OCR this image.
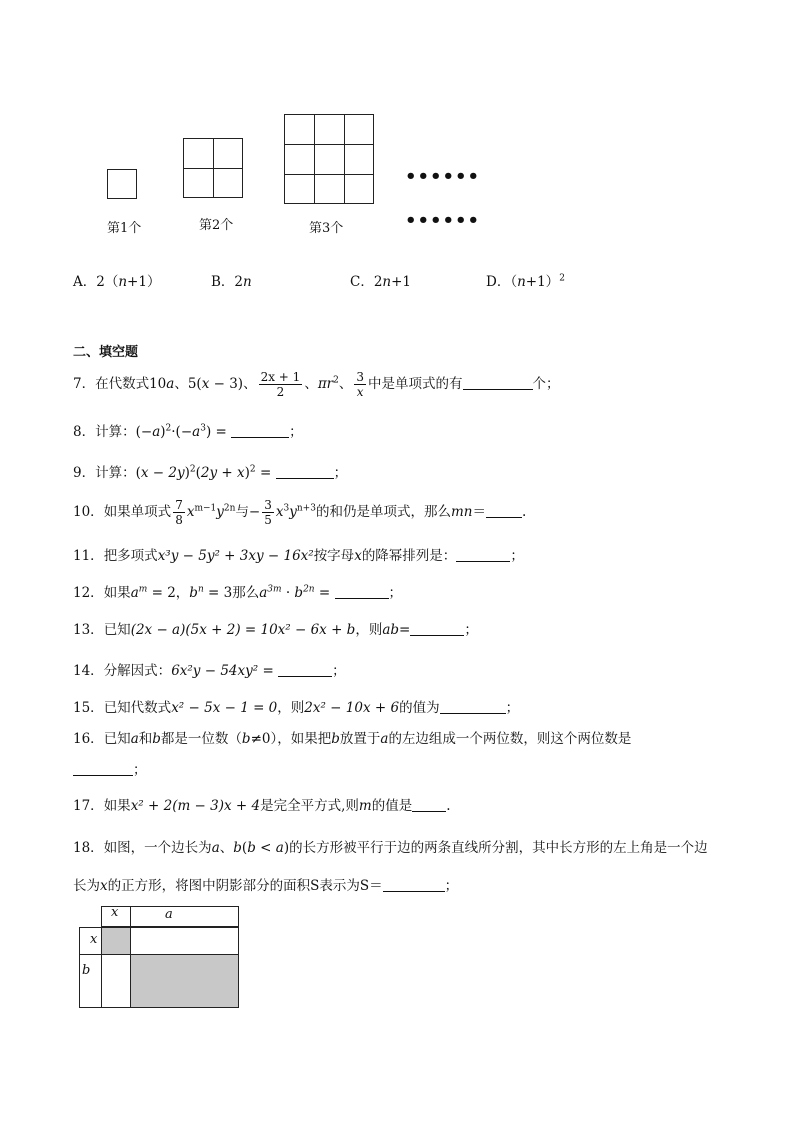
••••••
••••••
第1个	第2个	第3个
A．2（n+1）	B．2n	C．2n+1	D．$(n+1)^2$
二、填空题
7．在代数式10a、5(x − 3)、 $\frac{2x + 1}{2}$ 、$\pi r^2$、 $\frac{3}{x}$ 中是单项式的有	个；
8．计算：$(-a)^2\cdot(-a^3)$ =	；
9．计算：$(x - 2y)^2(2y + x)^2$ =	；
10．如果单项式 $\frac{7}{8} x^{m-1}y^{2n}$与− $\frac{3}{5} x^3y^{n+3}$的和仍是单项式，那么mn＝	.
11．把多项式x³y − 5y² + 3xy − 16x²按字母x的降幂排列是：	；
12．如果$a^m = 2$，$b^n = 3$那么$a^{3m} \cdot b^{2n}$ =	；
13．已知(2x − a)(5x + 2) = 10x² − 6x + b，则ab=	；
14．分解因式：6x²y − 54xy² =	；
15．已知代数式x² − 5x − 1 = 0，则2x² − 10x + 6的值为	；
16．已知a和b都是一位数（b≠0），如果把b放置于a的左边组成一个两位数，则这个两位数是
；
17．如果x² + 2(m − 3)x + 4是完全平方式,则m的值是	.
18．如图，一个边长为a、b(b < a)的长方形被平行于边的两条直线所分割，其中长方形的左上角是一个边
长为x的正方形，将图中阴影部分的面积S表示为S＝	；
x	a
x
b
